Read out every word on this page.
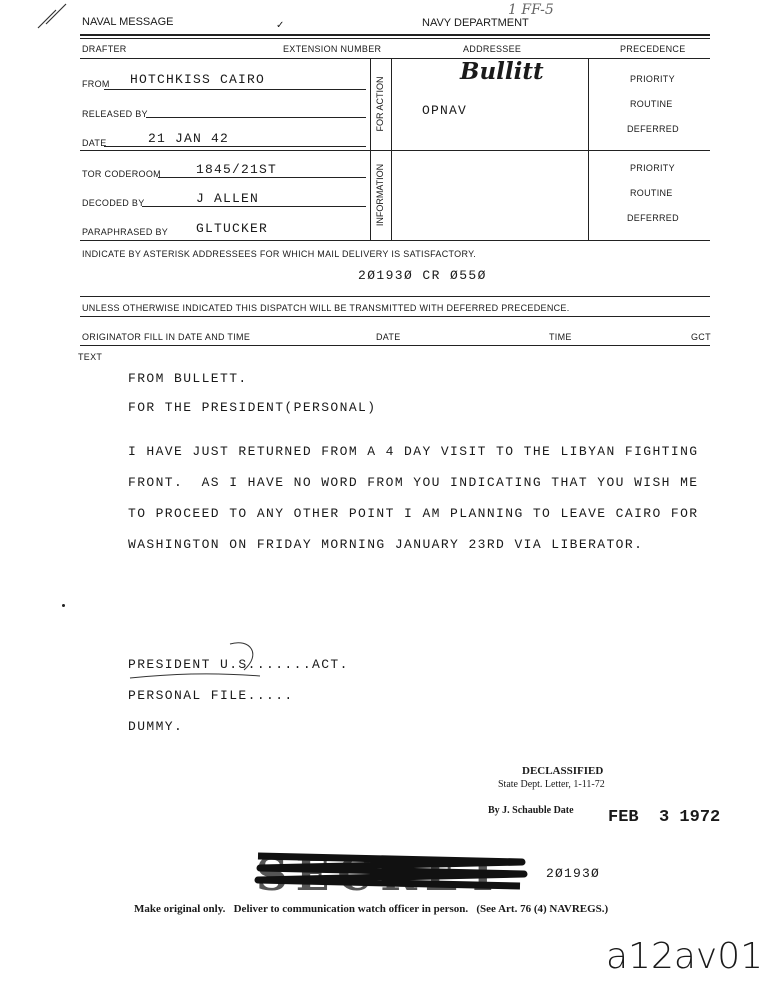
NAVAL MESSAGE	NAVY DEPARTMENT
1 FF-5
✓
DRAFTER	EXTENSION NUMBER	ADDRESSEE	PRECEDENCE
FROM HOTCHKISS CAIRO
RELEASED BY
DATE	21 JAN 42
FOR ACTION
Bullitt
OPNAV
PRIORITY
ROUTINE
DEFERRED
TOR CODEROOM	1845/21ST
DECODED BY	J ALLEN
PARAPHRASED BY GLTUCKER
INFORMATION	PRIORITY
ROUTINE
DEFERRED
INDICATE BY ASTERISK ADDRESSEES FOR WHICH MAIL DELIVERY IS SATISFACTORY.
2Ø193Ø CR Ø55Ø
UNLESS OTHERWISE INDICATED THIS DISPATCH WILL BE TRANSMITTED WITH DEFERRED PRECEDENCE.
ORIGINATOR FILL IN DATE AND TIME	DATE	TIME	GCT
TEXT
FROM BULLETT.
FOR THE PRESIDENT(PERSONAL)
I HAVE JUST RETURNED FROM A 4 DAY VISIT TO THE LIBYAN FIGHTING
FRONT.  AS I HAVE NO WORD FROM YOU INDICATING THAT YOU WISH ME
TO PROCEED TO ANY OTHER POINT I AM PLANNING TO LEAVE CAIRO FOR
WASHINGTON ON FRIDAY MORNING JANUARY 23RD VIA LIBERATOR.
PRESIDENT U.S.......ACT.
PERSONAL FILE.....
DUMMY.
DECLASSIFIED
State Dept. Letter, 1-11-72
By J. Schauble Date FEB  3 1972
SECRET	2Ø193Ø
Make original only.   Deliver to communication watch officer in person.   (See Art. 76 (4) NAVREGS.)
a12av01
